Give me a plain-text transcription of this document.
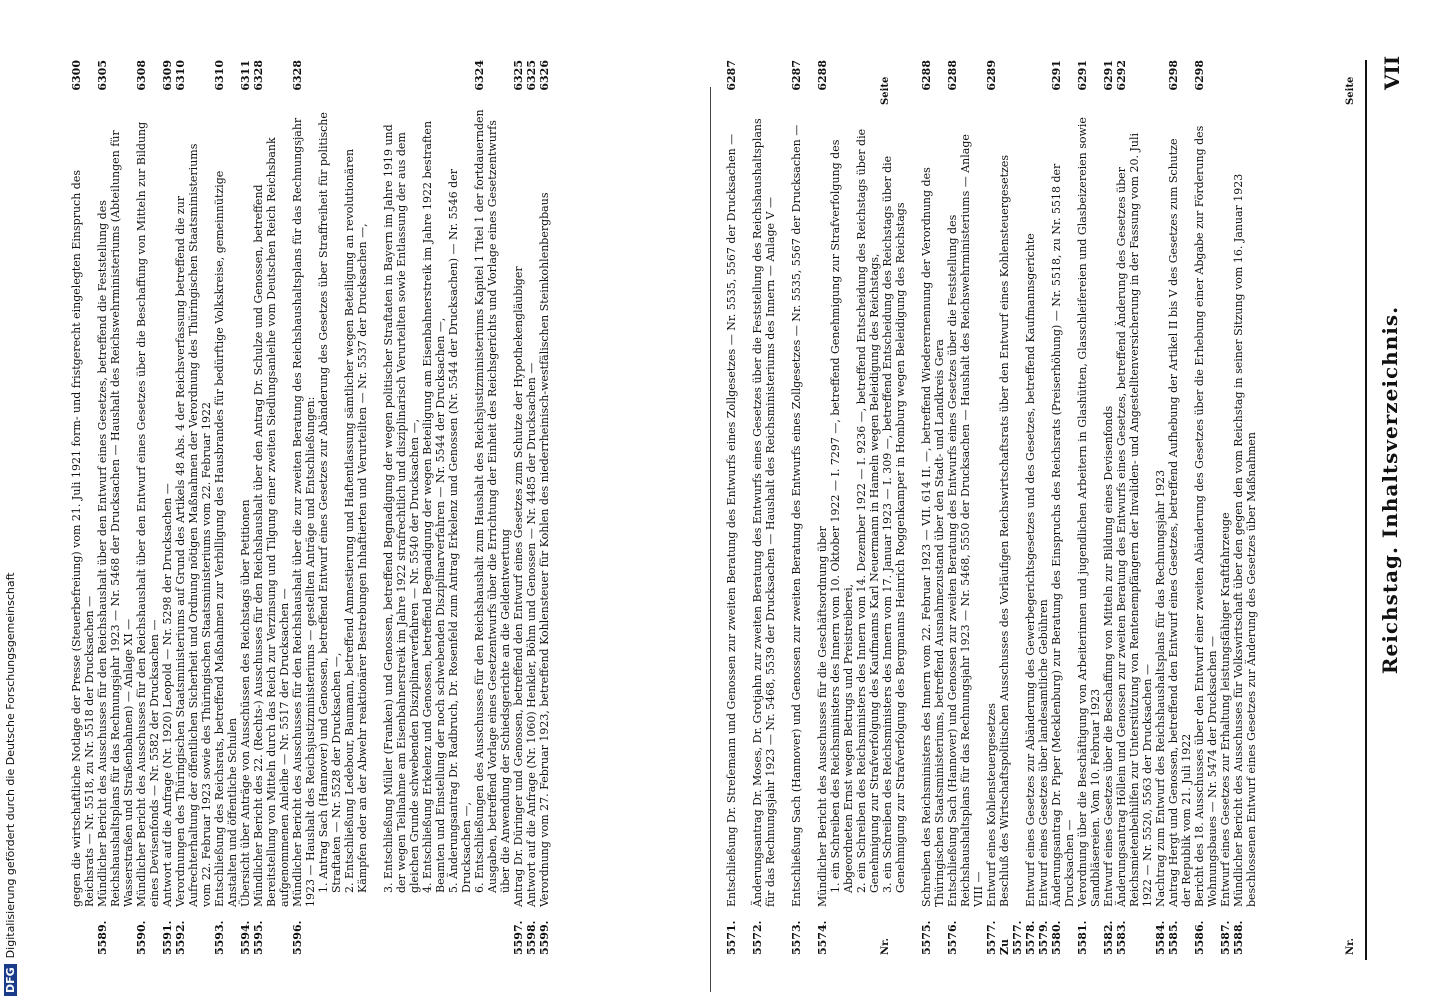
Reichstag. Inhaltsverzeichnis.
VII
Nr.
Seite
5571.
Entschließung Dr. Streſemann und Genossen zur zweiten Beratung des Entwurfs eines Zollgesetzes — Nr. 5535, 5567 der Drucksachen —
6287
5572.
Änderungsantrag Dr. Moses, Dr. Grotjahn zur zweiten Beratung des Entwurfs eines Gesetzes über die Feststellung des Reichshaushaltsplans für das Rechnungsjahr 1923 — Nr. 5468, 5539 der Drucksachen — Haushalt des Reichsministeriums des Innern — Anlage V —
5573.
Entschließung Sach (Hannover) und Genossen zur zweiten Beratung des Entwurfs eines Zollgesetzes — Nr. 5535, 5567 der Drucksachen —
6287
5574.
Mündlicher Bericht des Ausschusses für die Geschäftsordnung über
6288
1. ein Schreiben des Reichsministers des Innern vom 10. Oktober 1922 — I. 7297 —, betreffend Genehmigung zur Strafverfolgung des Abgeordneten Ernst wegen Betrugs und Preistreiberei, 2. ein Schreiben des Reichsministers des Innern vom 14. Dezember 1922 — I. 9236 —, betreffend Entscheidung des Reichstags über die Genehmigung zur Strafverfolgung des Kaufmanns Karl Neuermann in Hameln wegen Beleidigung des Reichstags, 3. ein Schreiben des Reichsministers des Innern vom 17. Januar 1923 — I. 309 —, betreffend Entscheidung des Reichstags über die Genehmigung zur Strafverfolgung des Bergmanns Heinrich Roggenkamper in Homburg wegen Beleidigung des Reichstags
5575.
Schreiben des Reichsministers des Innern vom 22. Februar 1923 — VII. 614 II. —, betreffend Wiederernennung der Verordnung des Thüringischen Staatsministeriums, betreffend Ausnahmezustand über den Stadt- und Landkreis Gera
6288
5576.
Entschließung Sach (Hannover) und Genossen zur zweiten Beratung des Entwurfs eines Gesetzes über die Feststellung des Reichshaushaltsplans für das Rechnungsjahr 1923 — Nr. 5468, 5550 der Drucksachen — Haushalt des Reichswehrministeriums — Anlage VIII —
6288
5577.
Entwurf eines Kohlensteuergesetzes
6289
Zu 5577.
Beschluß des Wirtschaftspolitischen Ausschusses des Vorläufigen Reichswirtschaftsrats über den Entwurf eines Kohlensteuergesetzes
5578.
Entwurf eines Gesetzes zur Abänderung des Gewerbegerichtsgesetzes und des Gesetzes, betreffend Kaufmannsgerichte
5579.
Entwurf eines Gesetzes über landesamtliche Gebühren
5580.
Änderungsantrag Dr. Piper (Mecklenburg) zur Beratung des Einspruchs des Reichsrats (Preiserhöhung) — Nr. 5518, zu Nr. 5518 der Drucksachen —
6291
5581.
Verordnung über die Beschäftigung von Arbeiterinnen und jugendlichen Arbeitern in Glashütten, Glasschleifereien und Glasbeizereien sowie Sandbläsereien. Vom 10. Februar 1923
6291
5582.
Entwurf eines Gesetzes über die Beschaffung von Mitteln zur Bildung eines Devisenfonds
6291
5583.
Änderungsantrag Höllein und Genossen zur zweiten Beratung des Entwurfs eines Gesetzes, betreffend Änderung des Gesetzes über Reichsmietenbeihilfen zur Unterstützung von Rentenempfängern der Invaliden- und Angestelltenversicherung in der Fassung vom 20. Juli 1922 — Nr. 5520, 5563 der Drucksachen —
6292
5584.
Nachtrag zum Entwurf des Reichshaushaltsplans für das Rechnungsjahr 1923
5585.
Antrag Hergt und Genossen, betreffend den Entwurf eines Gesetzes, betreffend Aufhebung der Artikel II bis V des Gesetzes zum Schutze der Republik vom 21. Juli 1922
6298
5586.
Bericht des 18. Ausschusses über den Entwurf einer zweiten Abänderung des Gesetzes über die Erhebung einer Abgabe zur Förderung des Wohnungsbaues — Nr. 5474 der Drucksachen —
6298
5587.
Entwurf eines Gesetzes zur Erhaltung leistungsfähiger Kraftfahrzeuge
5588.
Mündlicher Bericht des Ausschusses für Volkswirtschaft über den gegen den vom Reichstag in seiner Sitzung vom 16. Januar 1923 beschlossenen Entwurf eines Gesetzes zur Änderung des Gesetzes über Maßnahmen
Nr.
Seite
gegen die wirtschaftliche Notlage der Presse (Steuerbefreiung) vom 21. Juli 1921 form- und fristgerecht eingelegten Einspruch des Reichsrats — Nr. 5518, zu Nr. 5518 der Drucksachen —
6300
5589.
Mündlicher Bericht des Ausschusses für den Reichshaushalt über den Entwurf eines Gesetzes, betreffend die Feststellung des Reichshaushaltsplans für das Rechnungsjahr 1923 — Nr. 5468 der Drucksachen — Haushalt des Reichswehrministeriums (Abteilungen für Wasserstraßen und Straßenbahnen) — Anlage XI —
6305
5590.
Mündlicher Bericht des Ausschusses für den Reichshaushalt über den Entwurf eines Gesetzes über die Beschaffung von Mitteln zur Bildung eines Devisenfonds — Nr. 5582 der Drucksachen —
6308
5591.
Antwort auf die Anfrage (Nr. 1920) Leopold — Nr. 5298 der Drucksachen —
6309
5592.
Verordnungen des Thüringischen Staatsministeriums auf Grund des Artikels 48 Abs. 4 der Reichsverfassung betreffend die zur Aufrechterhaltung der öffentlichen Sicherheit und Ordnung nötigen Maßnahmen der Verordnung des Thüringischen Staatsministeriums vom 22. Februar 1923 sowie des Thüringischen Staatsministeriums vom 22. Februar 1922
6310
5593.
Entschließung des Reichsrats, betreffend Maßnahmen zur Verbilligung des Hausbrandes für bedürftige Volkskreise, gemeinnützige Anstalten und öffentliche Schulen
6310
5594.
Übersicht über Anträge von Ausschüssen des Reichstags über Petitionen
6311
5595.
Mündlicher Bericht des 22. (Rechts-) Ausschusses für den Reichshaushalt über den Antrag Dr. Schulze und Genossen, betreffend Bereitstellung von Mitteln durch das Reich zur Verzinsung und Tilgung einer zweiten Siedlungsanleihe vom Deutschen Reich Reichsbank aufgenommenen Anleihe — Nr. 5517 der Drucksachen —
6328
5596.
Mündlicher Bericht des Ausschusses für den Reichshaushalt über die zur zweiten Beratung des Reichshaushaltsplans für das Rechnungsjahr 1923 — Haushalt des Reichsjustizministeriums — gestellten Anträge und Entschließungen:
6328
1. Antrag Sach (Hannover) und Genossen, betreffend Entwurf eines Gesetzes zur Abänderung des Gesetzes über Straffreiheit für politische Straftaten — Nr. 5528 der Drucksachen —, 2. Entschließung Ledebour, Baumann, betreffend Amnestierung und Haftentlassung sämtlicher wegen Beteiligung an revolutionären Kämpfen oder an der Abwehr reaktionärer Bestrebungen Inhaftierten und Verurteilten — Nr. 5537 der Drucksachen —, 3. Entschließung Müller (Franken) und Genossen, betreffend Begnadigung der wegen politischer Straftaten in Bayern im Jahre 1919 und der wegen Teilnahme am Eisenbahnerstreik im Jahre 1922 strafrechtlich und disziplinarisch Verurteilten sowie Entlassung der aus dem gleichen Grunde schwebenden Disziplinarverfahren — Nr. 5540 der Drucksachen —, 4. Entschließung Erkelenz und Genossen, betreffend Begnadigung der wegen Beteiligung am Eisenbahnerstreik im Jahre 1922 bestraften Beamten und Einstellung der noch schwebenden Disziplinarverfahren — Nr. 5544 der Drucksachen —, 5. Änderungsantrag Dr. Radbruch, Dr. Rosenfeld zum Antrag Erkelenz und Genossen (Nr. 5544 der Drucksachen) — Nr. 5546 der Drucksachen —, 6. Entschließungen des Ausschusses für den Reichshaushalt zum Haushalt des Reichsjustizministeriums Kapitel 1 Titel 1 der fortdauernden Ausgaben, betreffend Vorlage eines Gesetzentwurfs über die Errichtung der Einheit des Reichsgerichts und Vorlage eines Gesetzentwurfs über die Anwendung der Schiedsgerichte an die Geldentwertung
6324
5597.
Antrag Dr. Düringer und Genossen, betreffend den Entwurf eines Gesetzes zum Schutze der Hypothekengläubiger
6325
5598.
Antwort auf die Anfrage (Nr. 1060) Henkler, Böhm und Genossen — Nr. 4485 der Drucksachen —
6325
5599.
Verordnung vom 27. Februar 1923, betreffend Kohlensteuer für Kohlen des niederrheinisch-westfälischen Steinkohlenbergbaus
6326
DFGDigitalisierung gefördert durch die Deutsche Forschungsgemeinschaft
